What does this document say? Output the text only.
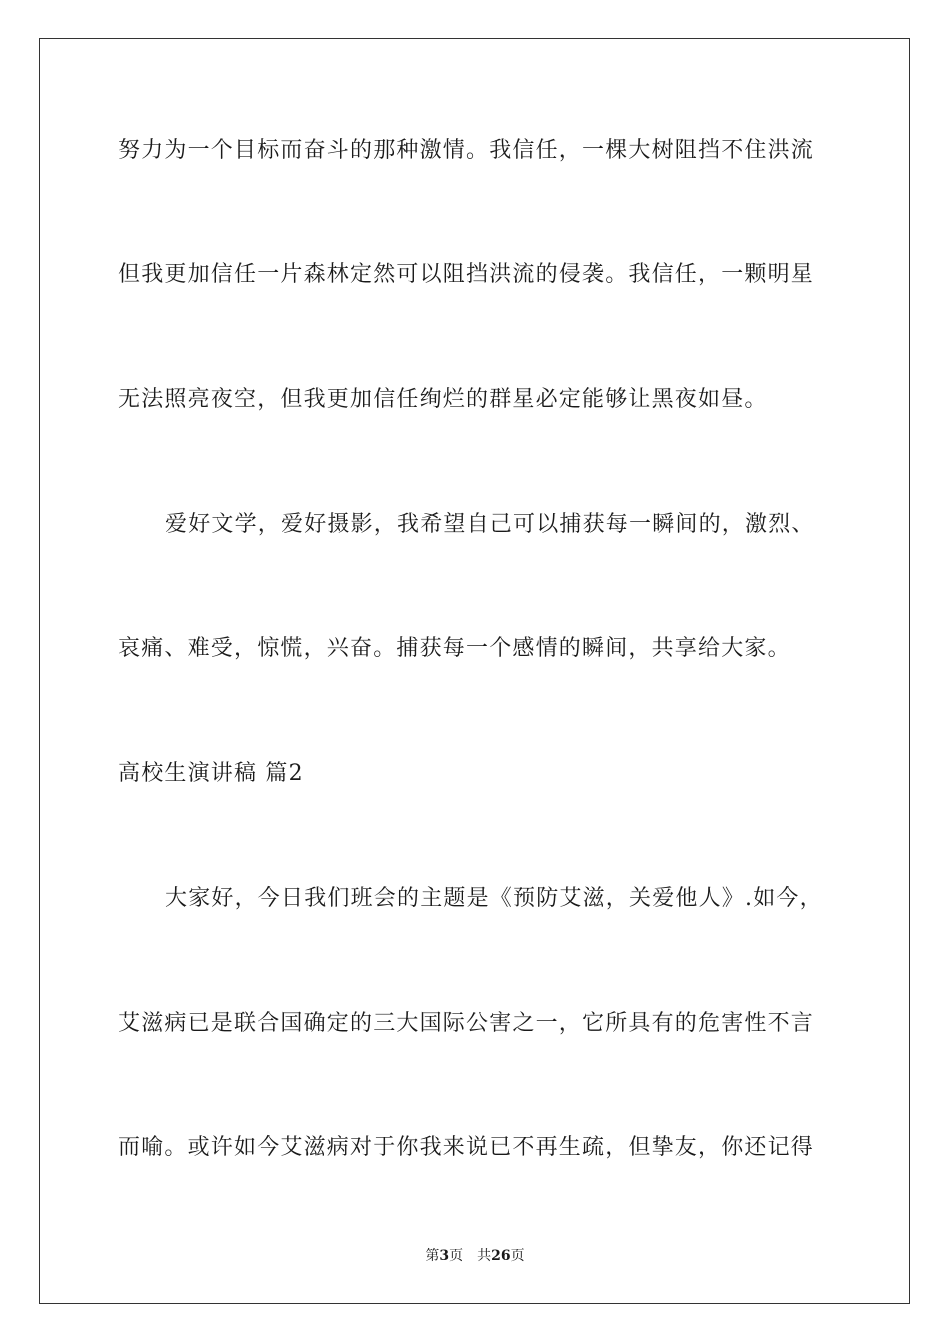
努力为一个目标而奋斗的那种激情。我信任，一棵大树阻挡不住洪流
但我更加信任一片森林定然可以阻挡洪流的侵袭。我信任，一颗明星
无法照亮夜空，但我更加信任绚烂的群星必定能够让黑夜如昼。
爱好文学，爱好摄影，我希望自己可以捕获每一瞬间的，激烈、
哀痛、难受，惊慌，兴奋。捕获每一个感情的瞬间，共享给大家。
高校生演讲稿 篇2
大家好，今日我们班会的主题是《预防艾滋，关爱他人》.如今，
艾滋病已是联合国确定的三大国际公害之一，它所具有的危害性不言
而喻。或许如今艾滋病对于你我来说已不再生疏，但挚友，你还记得
第3页 共26页
